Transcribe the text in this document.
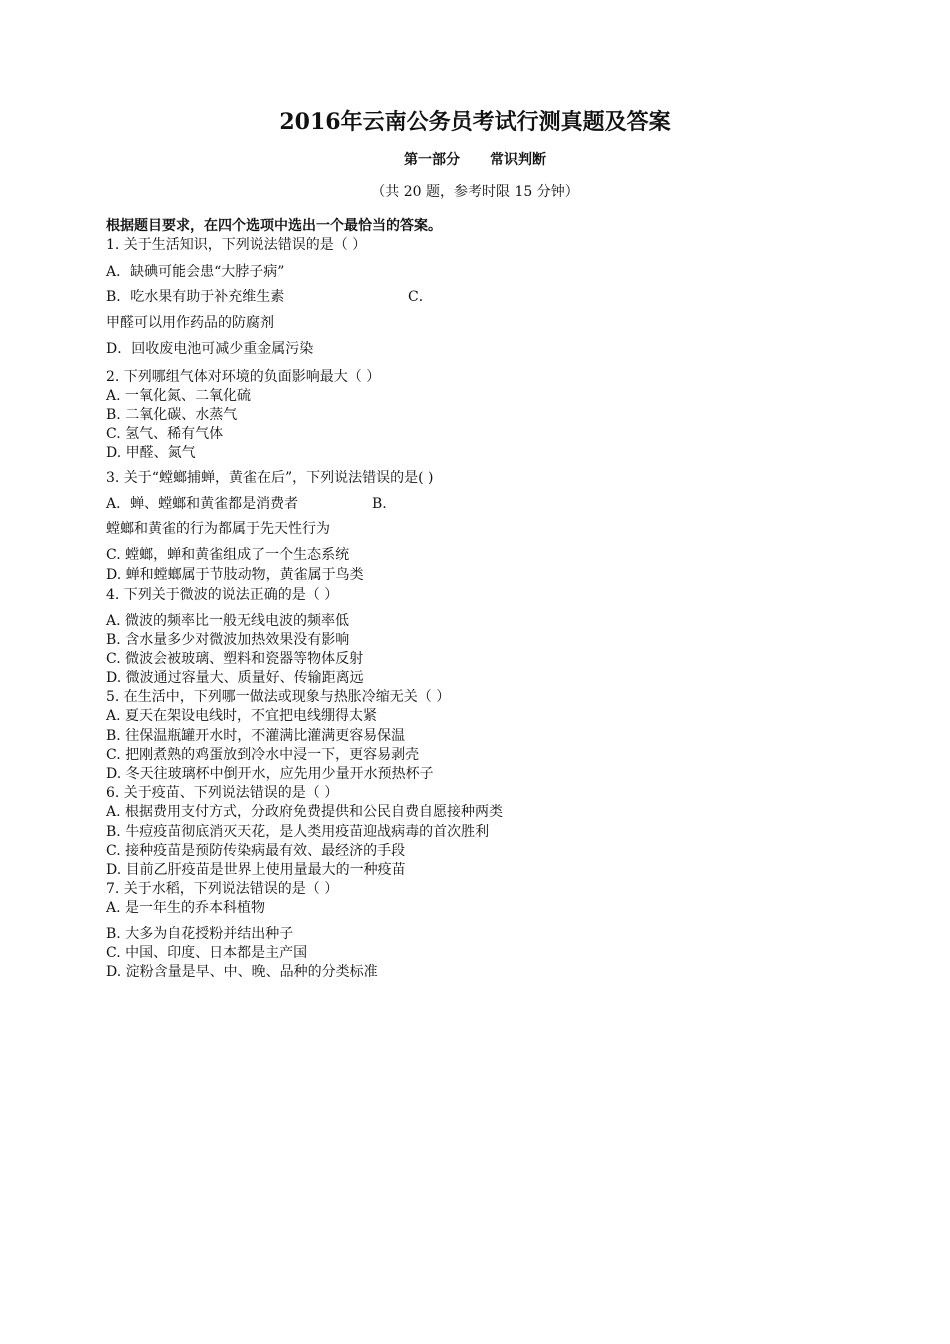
2016年云南公务员考试行测真题及答案
第一部分 常识判断
（共 20 题，参考时限 15 分钟）
根据题目要求，在四个选项中选出一个最恰当的答案。
1. 关于生活知识，下列说法错误的是（ ）
A．缺碘可能会患“大脖子病”
B．吃水果有助于补充维生素	C．
甲醛可以用作药品的防腐剂
D．回收废电池可减少重金属污染
2. 下列哪组气体对环境的负面影响最大（ ）
A. 一氧化氮、二氧化硫
B. 二氧化碳、水蒸气
C. 氢气、稀有气体
D. 甲醛、氮气
3. 关于“螳螂捕蝉，黄雀在后”，下列说法错误的是( )
A．蝉、螳螂和黄雀都是消费者	B.
螳螂和黄雀的行为都属于先天性行为
C. 螳螂，蝉和黄雀组成了一个生态系统
D. 蝉和螳螂属于节肢动物，黄雀属于鸟类
4. 下列关于微波的说法正确的是（ ）
A. 微波的频率比一般无线电波的频率低
B. 含水量多少对微波加热效果没有影响
C. 微波会被玻璃、塑料和瓷器等物体反射
D. 微波通过容量大、质量好、传输距离远
5. 在生活中，下列哪一做法或现象与热胀冷缩无关（ ）
A. 夏天在架设电线时，不宜把电线绷得太紧
B. 往保温瓶罐开水时，不灌满比灌满更容易保温
C. 把刚煮熟的鸡蛋放到冷水中浸一下，更容易剥壳
D. 冬天往玻璃杯中倒开水，应先用少量开水预热杯子
6. 关于疫苗、下列说法错误的是（ ）
A. 根据费用支付方式，分政府免费提供和公民自费自愿接种两类
B. 牛痘疫苗彻底消灭天花，是人类用疫苗迎战病毒的首次胜利
C. 接种疫苗是预防传染病最有效、最经济的手段
D. 目前乙肝疫苗是世界上使用量最大的一种疫苗
7. 关于水稻，下列说法错误的是（ ）
A. 是一年生的乔本科植物
B. 大多为自花授粉并结出种子
C. 中国、印度、日本都是主产国
D. 淀粉含量是早、中、晚、品种的分类标准
